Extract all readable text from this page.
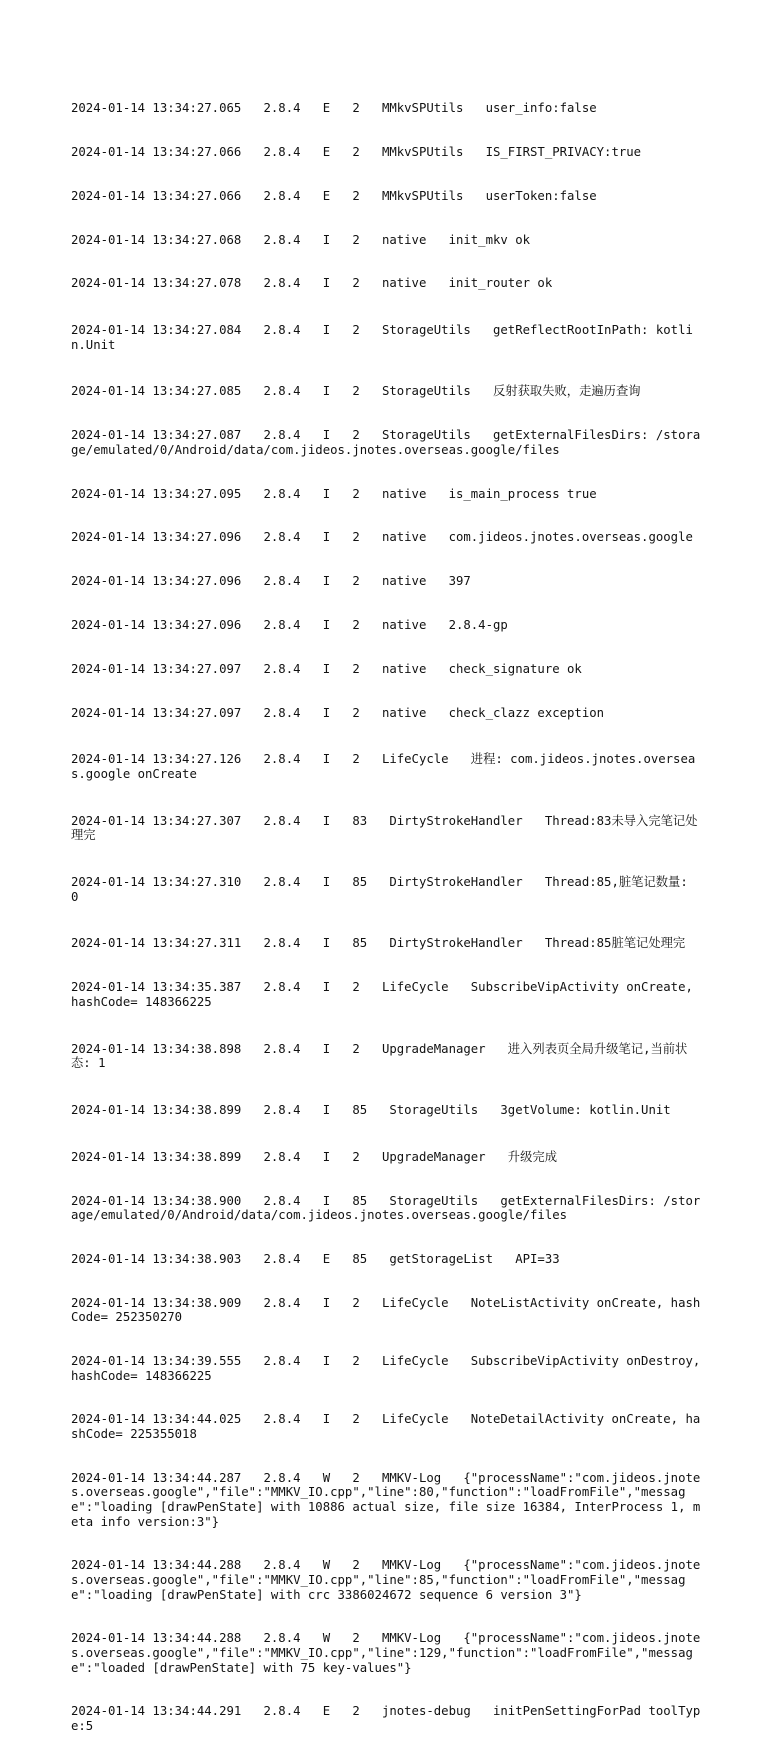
2024-01-14 13:34:27.065   2.8.4   E   2   MMkvSPUtils   user_info:false

2024-01-14 13:34:27.066   2.8.4   E   2   MMkvSPUtils   IS_FIRST_PRIVACY:true

2024-01-14 13:34:27.066   2.8.4   E   2   MMkvSPUtils   userToken:false

2024-01-14 13:34:27.068   2.8.4   I   2   native   init_mkv ok

2024-01-14 13:34:27.078   2.8.4   I   2   native   init_router ok

2024-01-14 13:34:27.084   2.8.4   I   2   StorageUtils   getReflectRootInPath: kotlin.Unit

2024-01-14 13:34:27.085   2.8.4   I   2   StorageUtils   反射获取失败，走遍历查询

2024-01-14 13:34:27.087   2.8.4   I   2   StorageUtils   getExternalFilesDirs: /storage/emulated/0/Android/data/com.jideos.jnotes.overseas.google/files

2024-01-14 13:34:27.095   2.8.4   I   2   native   is_main_process true

2024-01-14 13:34:27.096   2.8.4   I   2   native   com.jideos.jnotes.overseas.google

2024-01-14 13:34:27.096   2.8.4   I   2   native   397

2024-01-14 13:34:27.096   2.8.4   I   2   native   2.8.4-gp

2024-01-14 13:34:27.097   2.8.4   I   2   native   check_signature ok

2024-01-14 13:34:27.097   2.8.4   I   2   native   check_clazz exception

2024-01-14 13:34:27.126   2.8.4   I   2   LifeCycle   进程: com.jideos.jnotes.overseas.google onCreate

2024-01-14 13:34:27.307   2.8.4   I   83   DirtyStrokeHandler   Thread:83未导入完笔记处理完

2024-01-14 13:34:27.310   2.8.4   I   85   DirtyStrokeHandler   Thread:85,脏笔记数量: 0

2024-01-14 13:34:27.311   2.8.4   I   85   DirtyStrokeHandler   Thread:85脏笔记处理完

2024-01-14 13:34:35.387   2.8.4   I   2   LifeCycle   SubscribeVipActivity onCreate, hashCode= 148366225

2024-01-14 13:34:38.898   2.8.4   I   2   UpgradeManager   进入列表页全局升级笔记,当前状态: 1

2024-01-14 13:34:38.899   2.8.4   I   85   StorageUtils   3getVolume: kotlin.Unit

2024-01-14 13:34:38.899   2.8.4   I   2   UpgradeManager   升级完成

2024-01-14 13:34:38.900   2.8.4   I   85   StorageUtils   getExternalFilesDirs: /storage/emulated/0/Android/data/com.jideos.jnotes.overseas.google/files

2024-01-14 13:34:38.903   2.8.4   E   85   getStorageList   API=33

2024-01-14 13:34:38.909   2.8.4   I   2   LifeCycle   NoteListActivity onCreate, hashCode= 252350270

2024-01-14 13:34:39.555   2.8.4   I   2   LifeCycle   SubscribeVipActivity onDestroy, hashCode= 148366225

2024-01-14 13:34:44.025   2.8.4   I   2   LifeCycle   NoteDetailActivity onCreate, hashCode= 225355018

2024-01-14 13:34:44.287   2.8.4   W   2   MMKV-Log   {"processName":"com.jideos.jnotes.overseas.google","file":"MMKV_IO.cpp","line":80,"function":"loadFromFile","message":"loading [drawPenState] with 10886 actual size, file size 16384, InterProcess 1, meta info version:3"}

2024-01-14 13:34:44.288   2.8.4   W   2   MMKV-Log   {"processName":"com.jideos.jnotes.overseas.google","file":"MMKV_IO.cpp","line":85,"function":"loadFromFile","message":"loading [drawPenState] with crc 3386024672 sequence 6 version 3"}

2024-01-14 13:34:44.288   2.8.4   W   2   MMKV-Log   {"processName":"com.jideos.jnotes.overseas.google","file":"MMKV_IO.cpp","line":129,"function":"loadFromFile","message":"loaded [drawPenState] with 75 key-values"}

2024-01-14 13:34:44.291   2.8.4   E   2   jnotes-debug   initPenSettingForPad toolType:5
